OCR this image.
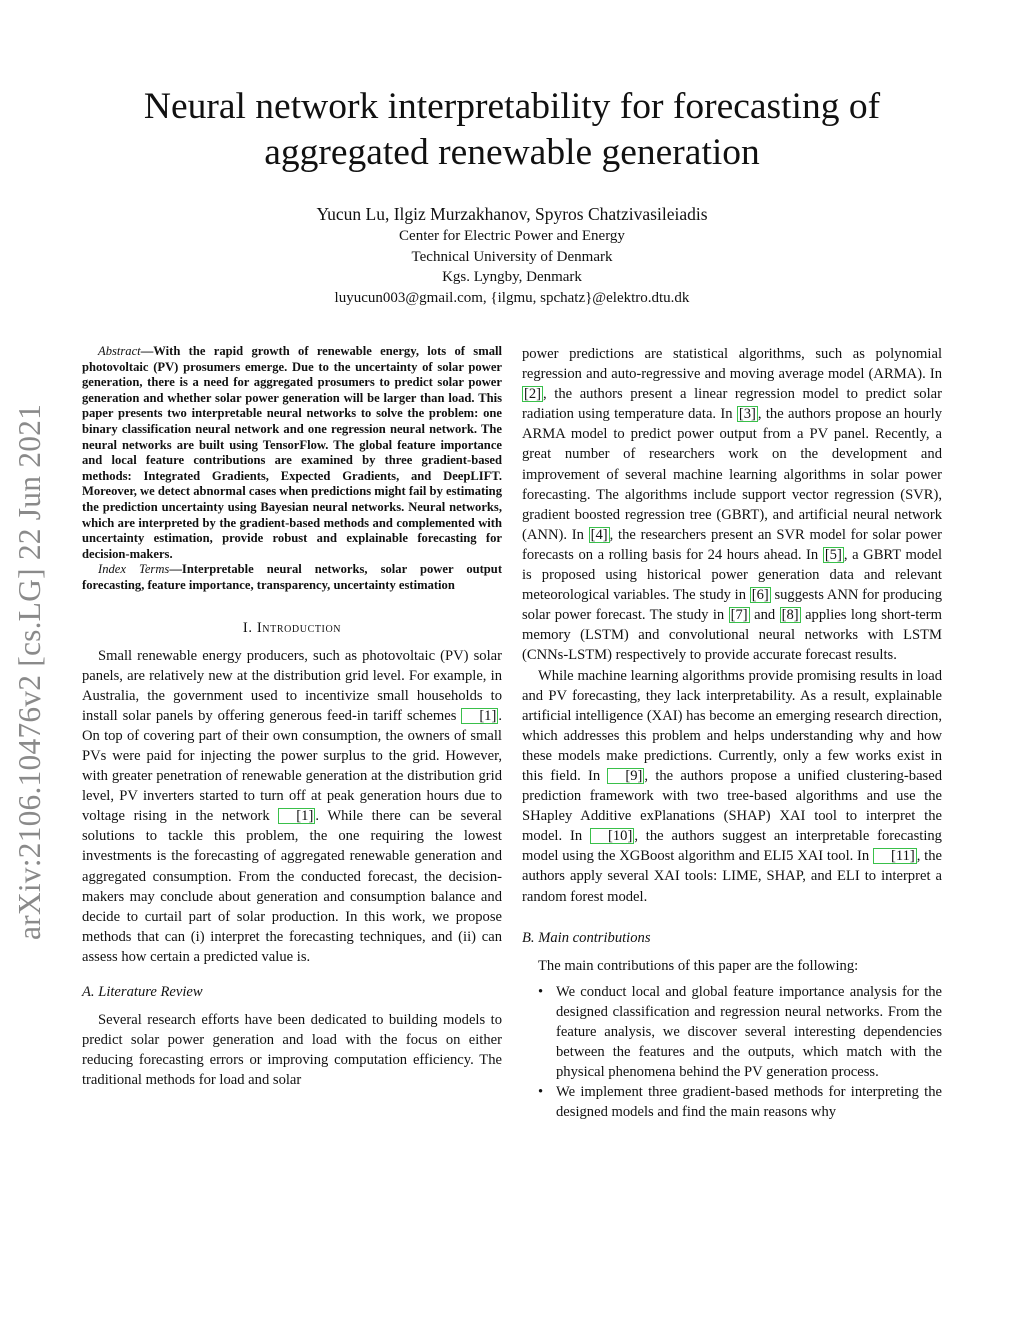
arXiv:2106.10476v2 [cs.LG] 22 Jun 2021
Neural network interpretability for forecasting of
aggregated renewable generation
Yucun Lu, Ilgiz Murzakhanov, Spyros Chatzivasileiadis
Center for Electric Power and Energy
Technical University of Denmark
Kgs. Lyngby, Denmark
luyucun003@gmail.com, {ilgmu, spchatz}@elektro.dtu.dk

Abstract—With the rapid growth of renewable energy, lots of small photovoltaic (PV) prosumers emerge. Due to the uncertainty of solar power generation, there is a need for aggregated prosumers to predict solar power generation and whether solar power generation will be larger than load. This paper presents two interpretable neural networks to solve the problem: one binary classification neural network and one regression neural network. The neural networks are built using TensorFlow. The global feature importance and local feature contributions are examined by three gradient-based methods: Integrated Gradients, Expected Gradients, and DeepLIFT. Moreover, we detect abnormal cases when predictions might fail by estimating the prediction uncertainty using Bayesian neural networks. Neural networks, which are interpreted by the gradient-based methods and complemented with uncertainty estimation, provide robust and explainable forecasting for decision-makers.

Index Terms—Interpretable neural networks, solar power output forecasting, feature importance, transparency, uncertainty estimation

I. Introduction

Small renewable energy producers, such as photovoltaic (PV) solar panels, are relatively new at the distribution grid level. For example, in Australia, the government used to incentivize small households to install solar panels by offering generous feed-in tariff schemes [1] . On top of covering part of their own consumption, the owners of small PVs were paid for injecting the power surplus to the grid. However, with greater penetration of renewable generation at the distribution grid level, PV inverters started to turn off at peak generation hours due to voltage rising in the network [1] . While there can be several solutions to tackle this problem, the one requiring the lowest investments is the forecasting of aggregated renewable generation and aggregated consumption. From the conducted forecast, the decision-makers may conclude about generation and consumption balance and decide to curtail part of solar production. In this work, we propose methods that can (i) interpret the forecasting techniques, and (ii) can assess how certain a predicted value is.

A. Literature Review

Several research efforts have been dedicated to building models to predict solar power generation and load with the focus on either reducing forecasting errors or improving computation efficiency. The traditional methods for load and solar

power predictions are statistical algorithms, such as polynomial regression and auto-regressive and moving average model (ARMA). In [2] , the authors present a linear regression model to predict solar radiation using temperature data. In [3] , the authors propose an hourly ARMA model to predict power output from a PV panel. Recently, a great number of researchers work on the development and improvement of several machine learning algorithms in solar power forecasting. The algorithms include support vector regression (SVR), gradient boosted regression tree (GBRT), and artificial neural network (ANN). In [4] , the researchers present an SVR model for solar power forecasts on a rolling basis for 24 hours ahead. In [5] , a GBRT model is proposed using historical power generation data and relevant meteorological variables. The study in [6] suggests ANN for producing solar power forecast. The study in [7] and [8] applies long short-term memory (LSTM) and convolutional neural networks with LSTM (CNNs-LSTM) respectively to provide accurate forecast results.

While machine learning algorithms provide promising results in load and PV forecasting, they lack interpretability. As a result, explainable artificial intelligence (XAI) has become an emerging research direction, which addresses this problem and helps understanding why and how these models make predictions. Currently, only a few works exist in this field. In [9] , the authors propose a unified clustering-based prediction framework with two tree-based algorithms and use the SHapley Additive exPlanations (SHAP) XAI tool to interpret the model. In [10] , the authors suggest an interpretable forecasting model using the XGBoost algorithm and ELI5 XAI tool. In [11] , the authors apply several XAI tools: LIME, SHAP, and ELI to interpret a random forest model.

B. Main contributions

The main contributions of this paper are the following:

• We conduct local and global feature importance analysis for the designed classification and regression neural networks. From the feature analysis, we discover several interesting dependencies between the features and the outputs, which match with the physical phenomena behind the PV generation process.
• We implement three gradient-based methods for interpreting the designed models and find the main reasons why
